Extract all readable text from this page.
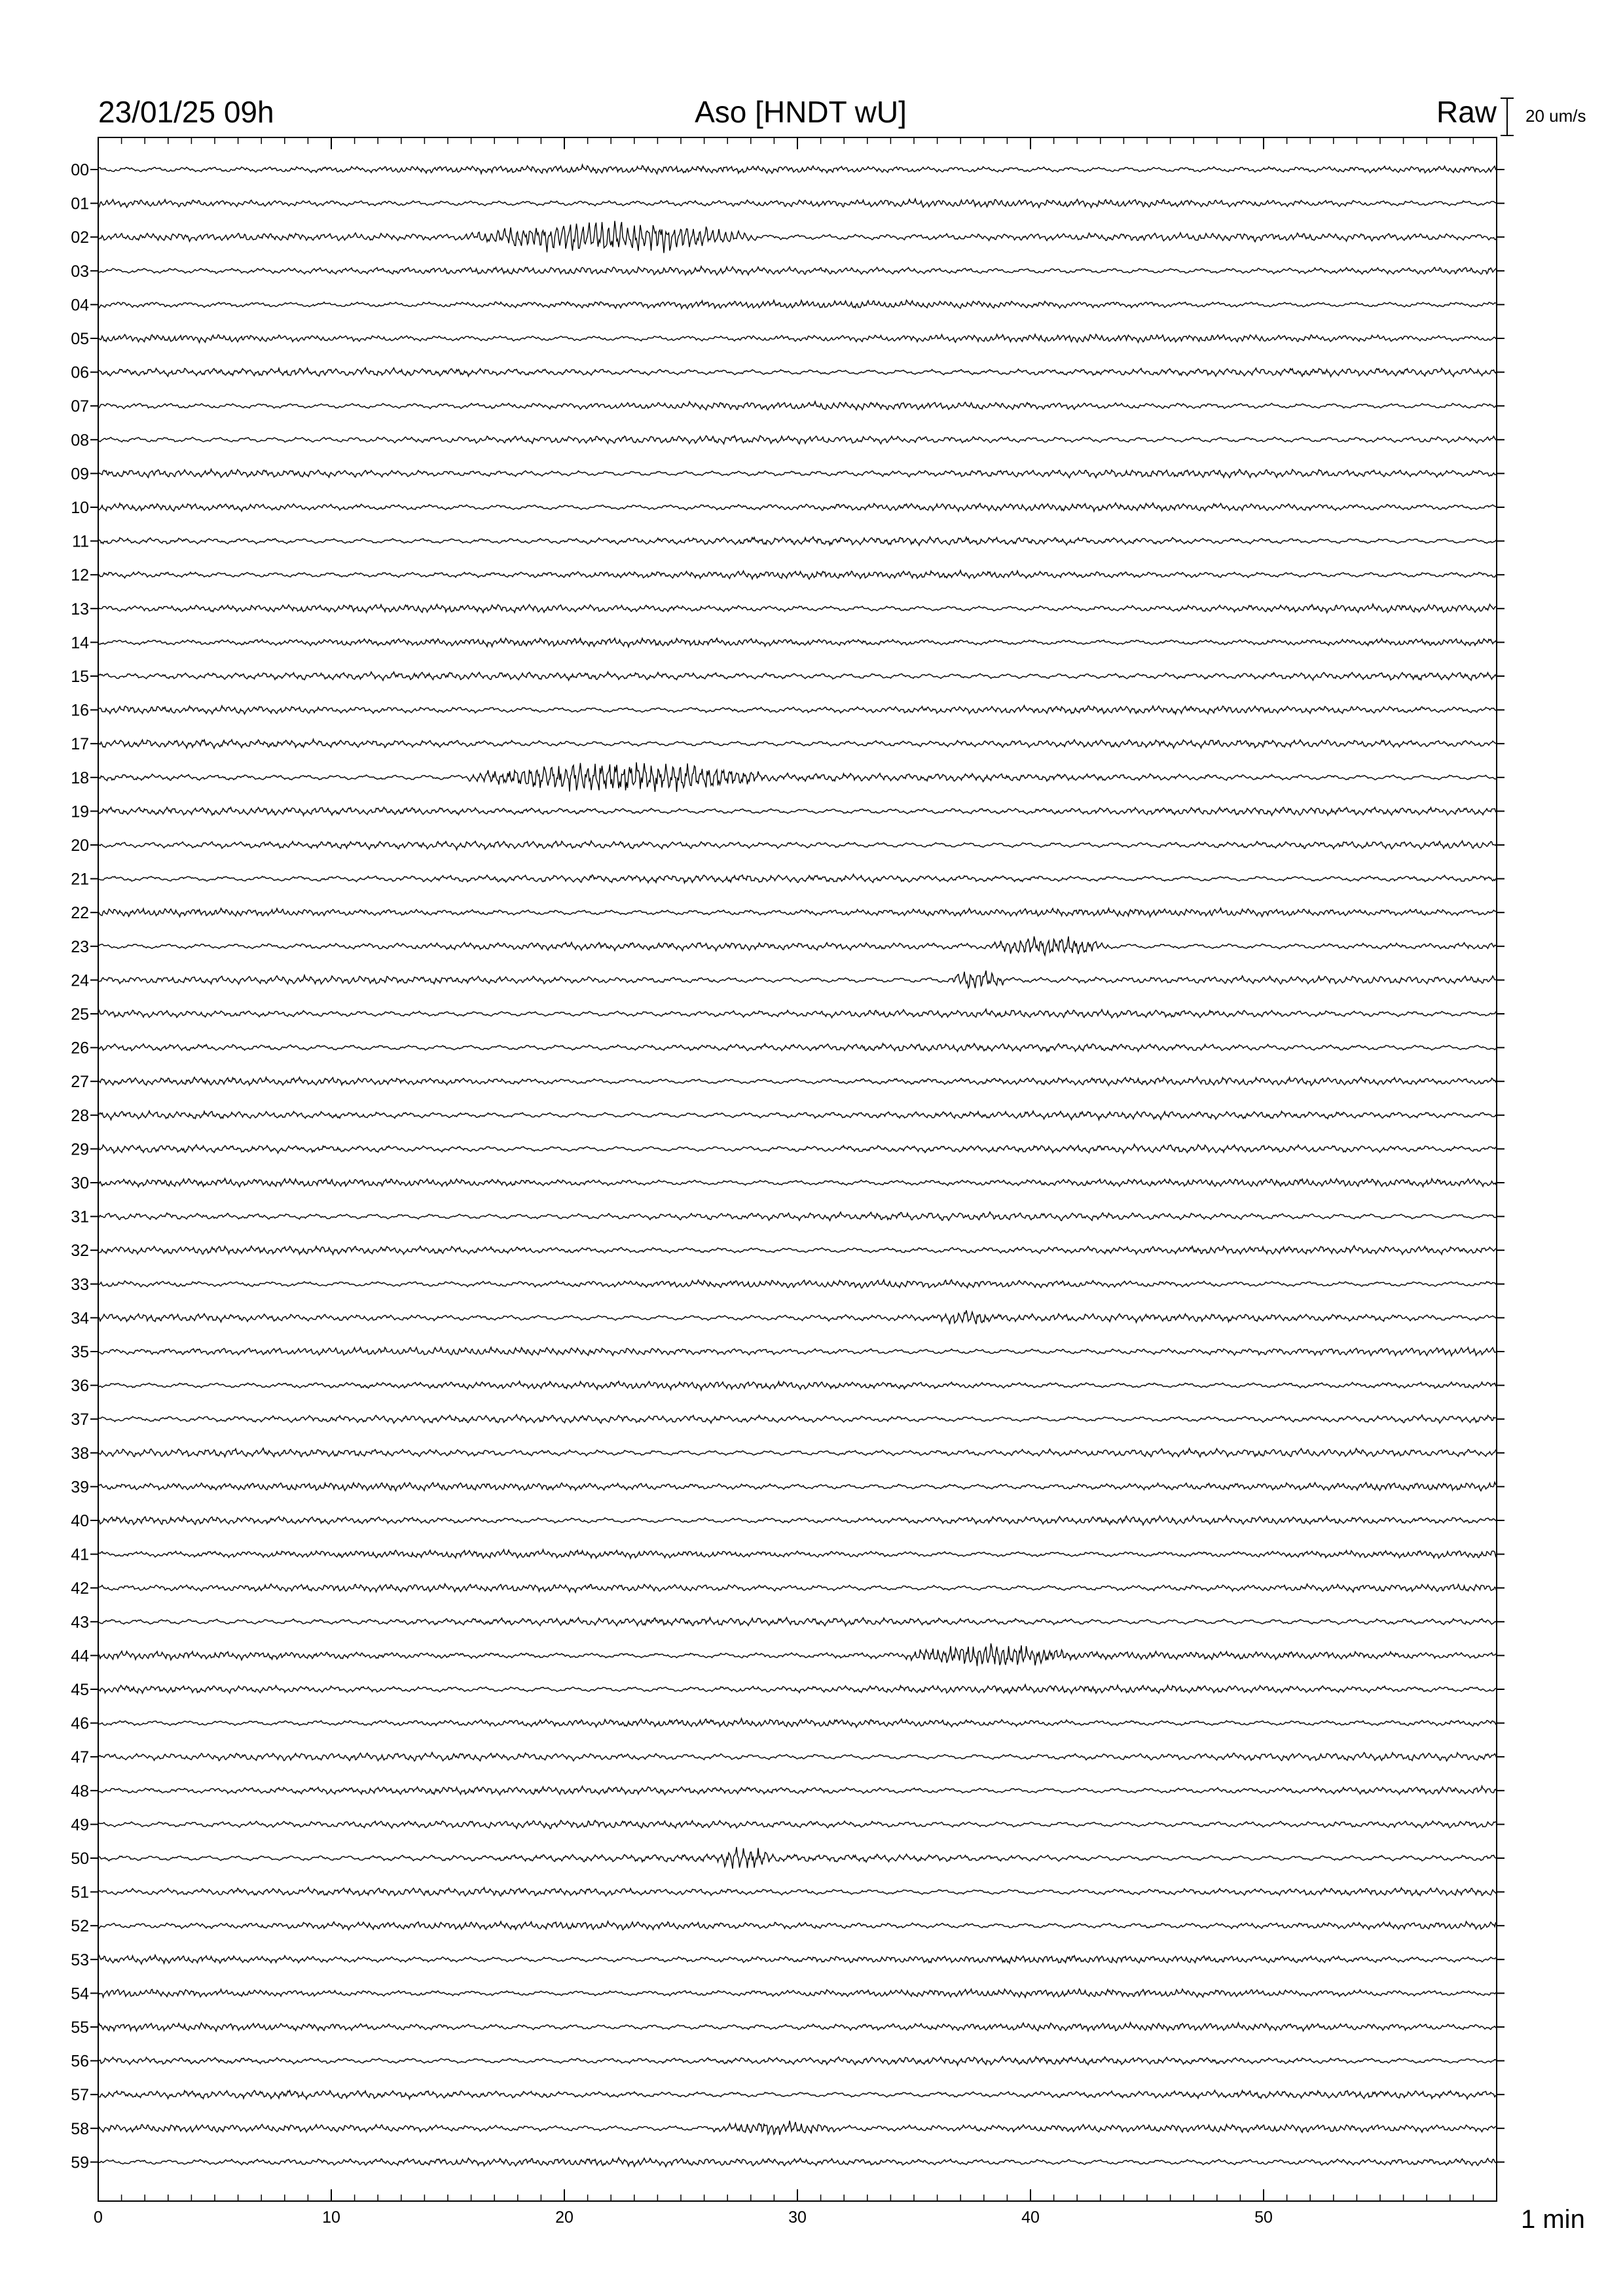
23/01/25 09h	Aso [HNDT wU]	Raw 20 um/s
00
01
02
03
04
05
06
07
08
09
10
11
12
13
14
15
16
17
18
19
20
21
22
23
24
25
26
27
28
29
30
31
32
33
34
35
36
37
38
39
40
41
42
43
44
45
46
47
48
49
50
51
52
53
54
55
56
57
58
59
0	10	20	30	40	50	1 min
